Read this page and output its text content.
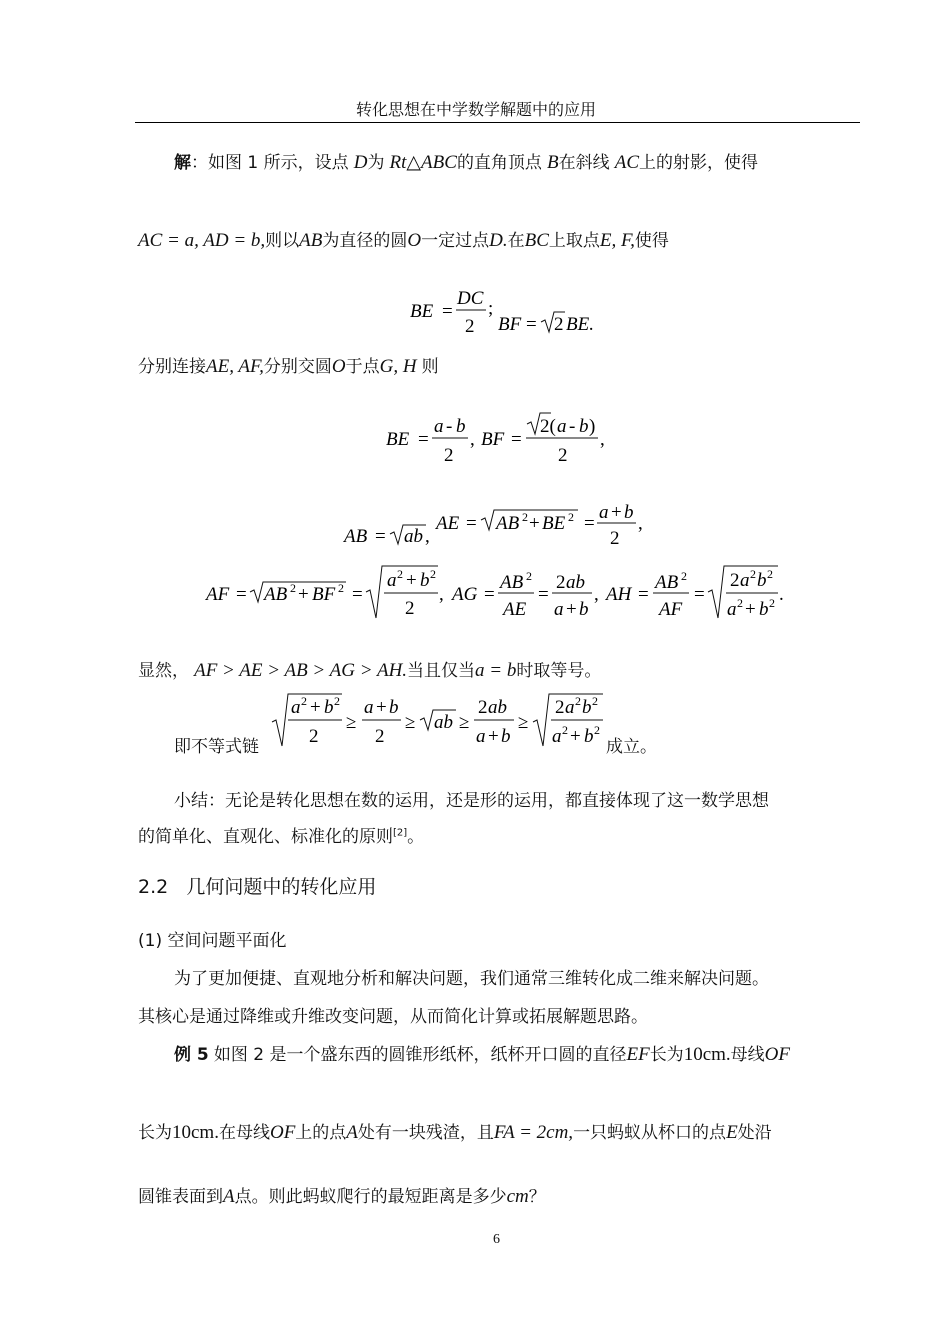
转化思想在中学数学解题中的应用
解：如图 1 所示，设点 D为 Rt△ABC的直角顶点 B在斜线 AC上的射影，使得
AC = a, AD = b,则以AB为直径的圆O一定过点D.在BC上取点E, F,使得
BE =
DC
2
;
BF = 2 BE.
分别连接AE, AF,分别交圆O于点G, H 则
BE =
a - b
2
, BF =
2( a - b )
2
,
AB = ab ,
AE = AB 2 + BE 2 =
a + b
2
,
AF = AB 2 + BF 2 =
a 2 + b 2
2
, AG =
AB 2
AE
=
2 ab
a + b
, AH =
AB 2
AF
=
2 a 2 b 2
a 2 + b 2 .
显然， AF > AE > AB > AG > AH.当且仅当a = b时取等号。
即不等式链
a 2 + b 2
2
≥
a + b
2
≥ ab ≥
2 ab
a + b
≥
2 a 2 b 2
a 2 + b 2
成立。
小结：无论是转化思想在数的运用，还是形的运用，都直接体现了这一数学思想
的简单化、直观化、标准化的原则[2]。
2.2 几何问题中的转化应用
(1) 空间问题平面化
为了更加便捷、直观地分析和解决问题，我们通常三维转化成二维来解决问题。
其核心是通过降维或升维改变问题，从而简化计算或拓展解题思路。
例 5 如图 2 是一个盛东西的圆锥形纸杯，纸杯开口圆的直径EF长为10cm.母线OF
长为10cm.在母线OF上的点A处有一块残渣，且FA = 2cm,一只蚂蚁从杯口的点E处沿
圆锥表面到A点。则此蚂蚁爬行的最短距离是多少cm？
6
